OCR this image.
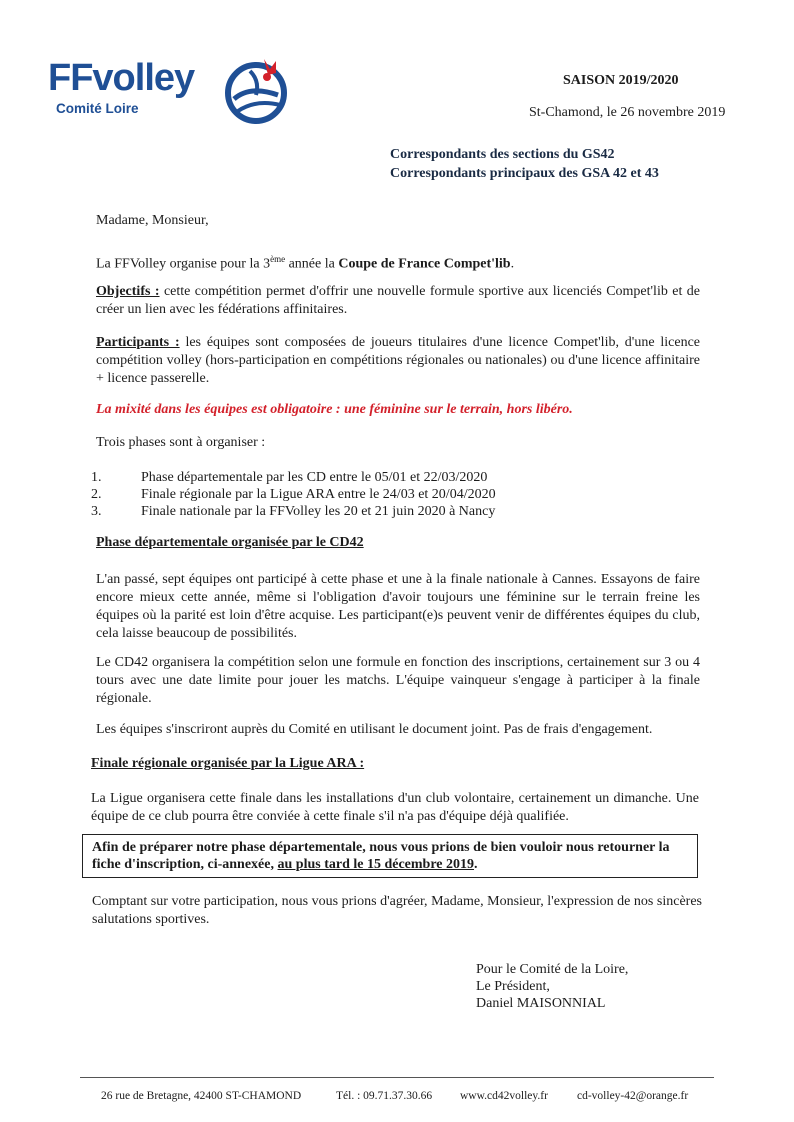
FFvolley
Comité Loire
SAISON 2019/2020
St-Chamond, le 26 novembre 2019
Correspondants des sections du GS42
Correspondants principaux des GSA 42 et 43
Madame, Monsieur,
La FFVolley organise pour la 3ème année la Coupe de France Compet'lib.
Objectifs : cette compétition permet d'offrir une nouvelle formule sportive aux licenciés Compet'lib et de créer un lien avec les fédérations affinitaires.
Participants : les équipes sont composées de joueurs titulaires d'une licence Compet'lib, d'une licence compétition volley (hors-participation en compétitions régionales ou nationales) ou d'une licence affinitaire + licence passerelle.
La mixité dans les équipes est obligatoire : une féminine sur le terrain, hors libéro.
Trois phases sont à organiser :
1.	Phase départementale par les CD entre le 05/01 et 22/03/2020
2.	Finale régionale par la Ligue ARA entre le 24/03 et 20/04/2020
3.	Finale nationale par la FFVolley les 20 et 21 juin 2020 à Nancy
Phase départementale organisée par le CD42
L'an passé, sept équipes ont participé à cette phase et une à la finale nationale à Cannes. Essayons de faire encore mieux cette année, même si l'obligation d'avoir toujours une féminine sur le terrain freine les équipes où la parité est loin d'être acquise. Les participant(e)s peuvent venir de différentes équipes du club, cela laisse beaucoup de possibilités.
Le CD42 organisera la compétition selon une formule en fonction des inscriptions, certainement sur 3 ou 4 tours avec une date limite pour jouer les matchs. L'équipe vainqueur s'engage à participer à la finale régionale.
Les équipes s'inscriront auprès du Comité en utilisant le document joint. Pas de frais d'engagement.
Finale régionale organisée par la Ligue ARA :
La Ligue organisera cette finale dans les installations d'un club volontaire, certainement un dimanche. Une équipe de ce club pourra être conviée à cette finale s'il n'a pas d'équipe déjà qualifiée.
Afin de préparer notre phase départementale, nous vous prions de bien vouloir nous retourner la fiche d'inscription, ci-annexée, au plus tard le 15 décembre 2019.
Comptant sur votre participation, nous vous prions d'agréer, Madame, Monsieur, l'expression de nos sincères salutations sportives.
Pour le Comité de la Loire,
Le Président,
Daniel MAISONNIAL
26 rue de Bretagne, 42400 ST-CHAMOND	Tél. : 09.71.37.30.66 www.cd42volley.fr	cd-volley-42@orange.fr
